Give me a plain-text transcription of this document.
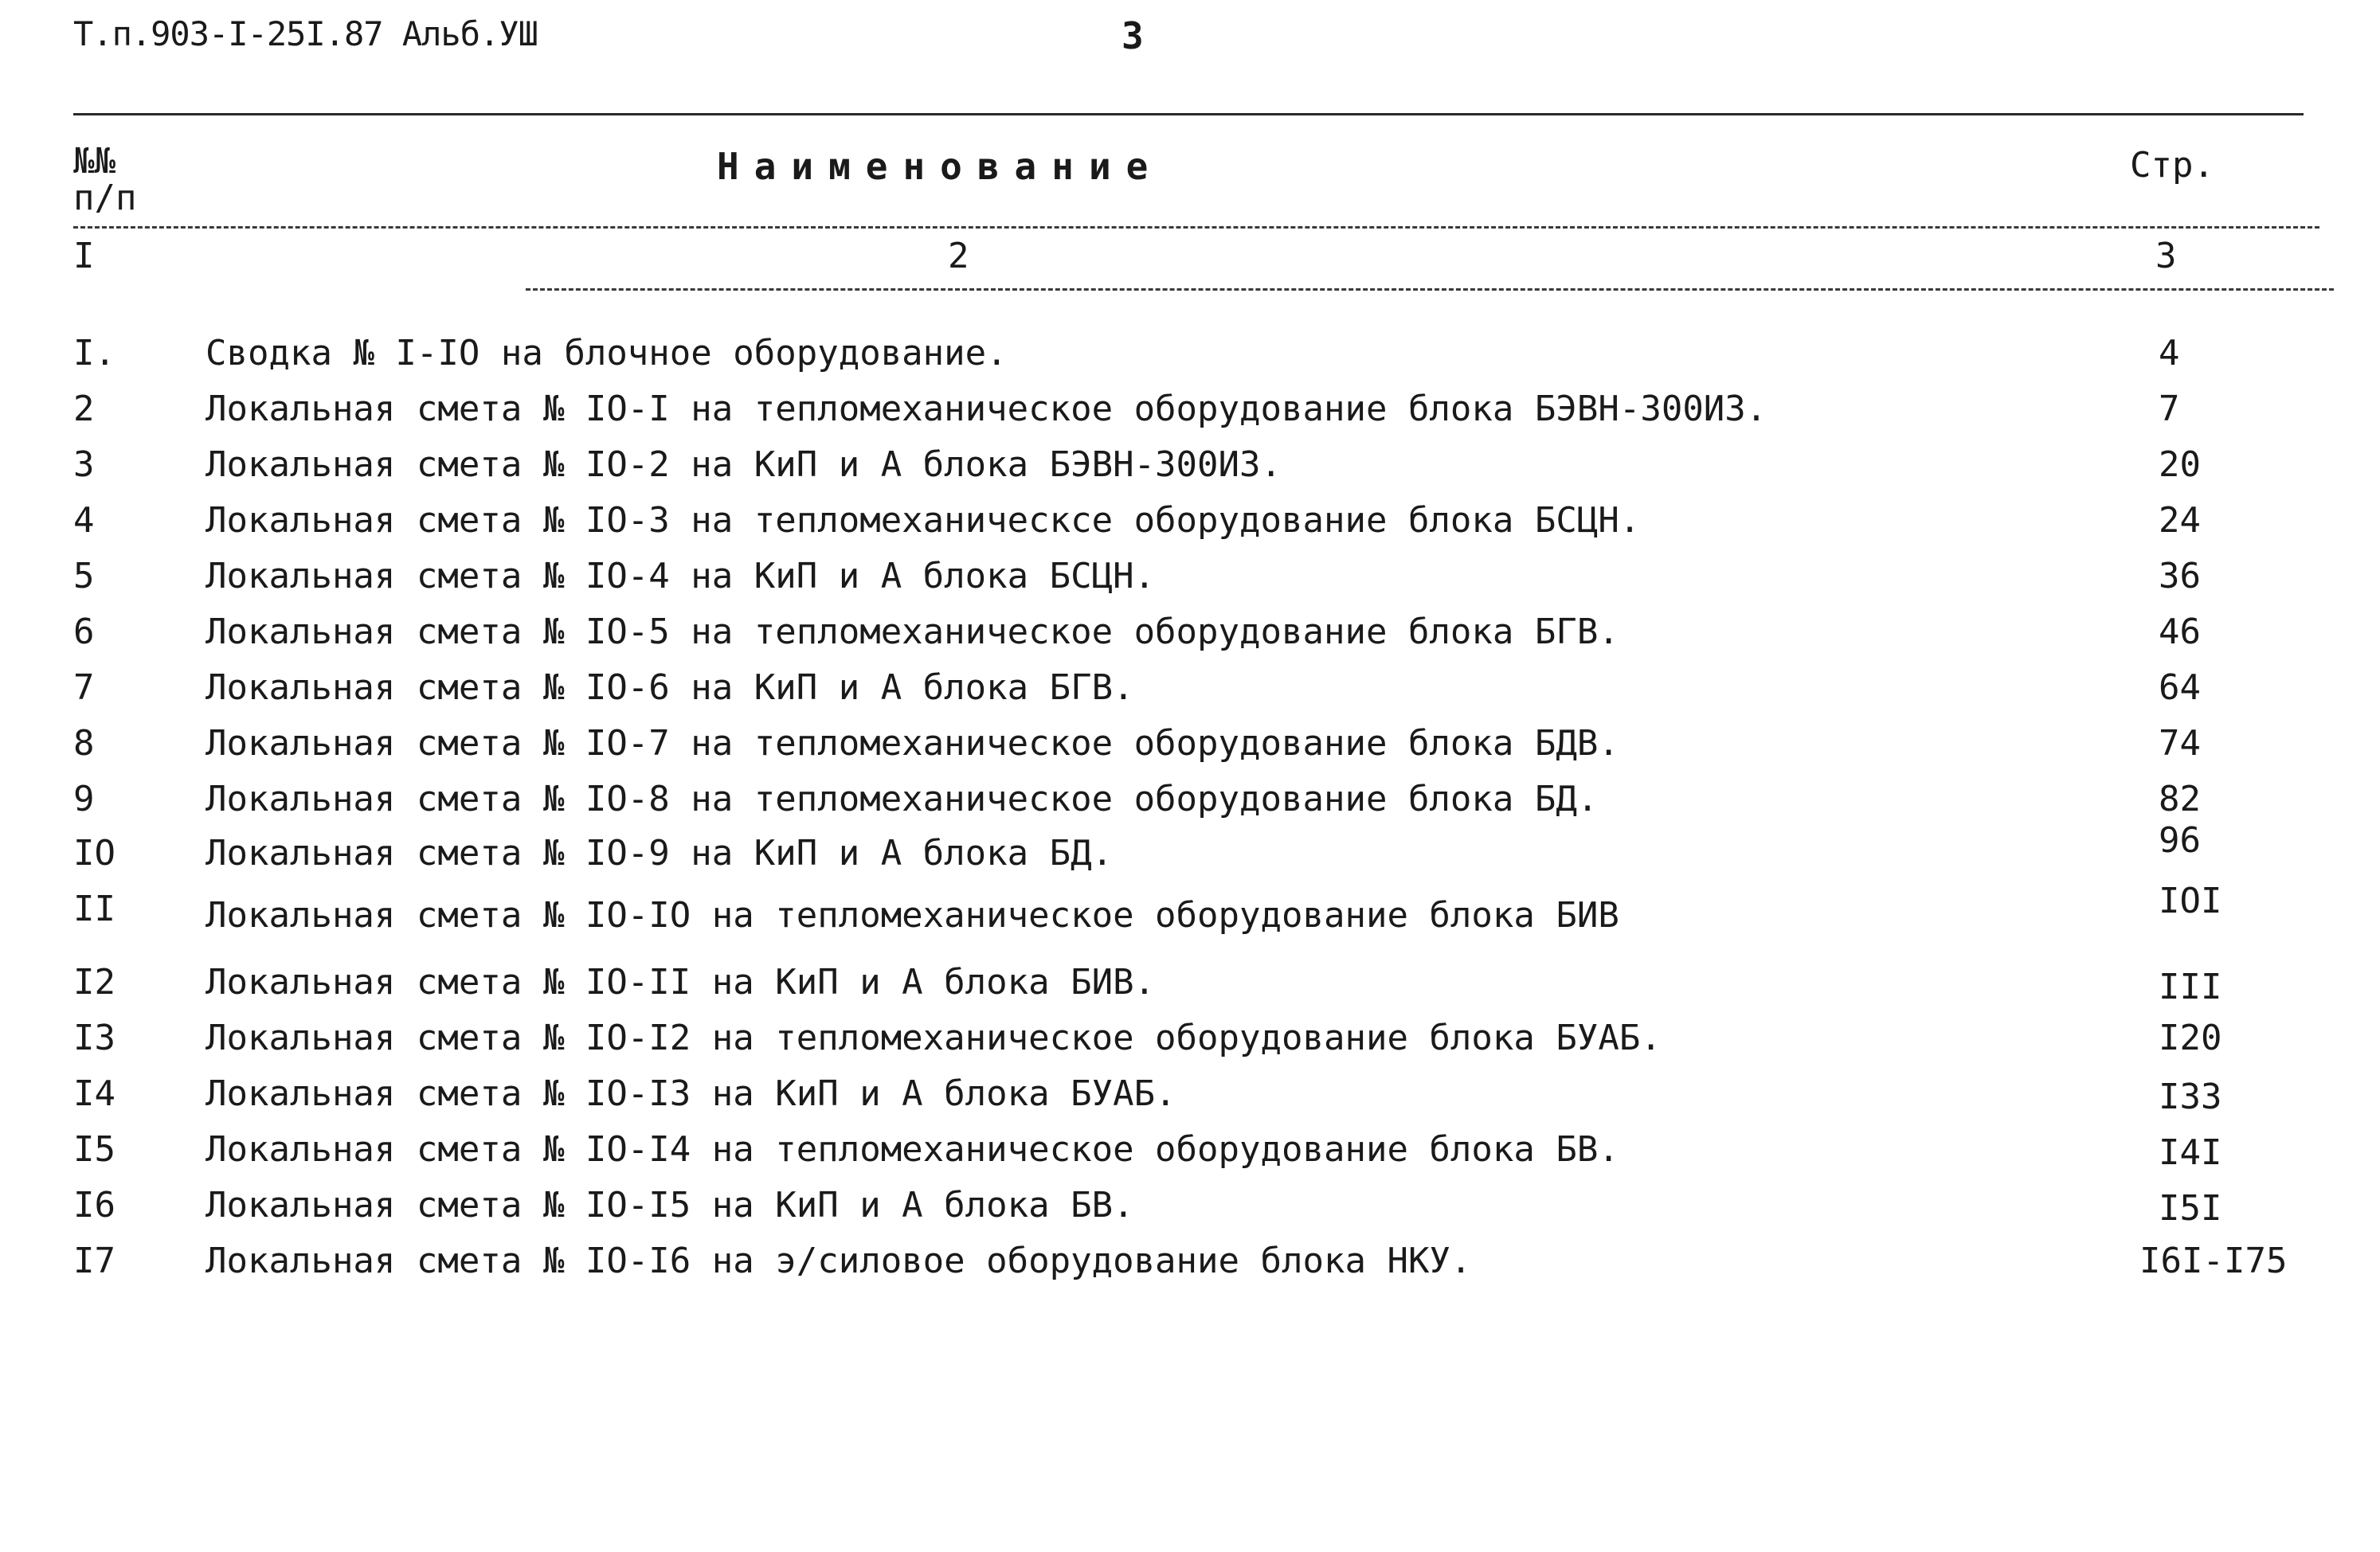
Т.п.903-I-25I.87 Альб.УШ	3
№№
п/п
Наименование	Стр.
I	2	3
I.	Сводка № I-IO на блочное оборудование.	4
2	Локальная смета № IO-I на тепломеханическое оборудование блока БЭВН-300ИЗ.	7
3	Локальная смета № IO-2 на КиП и А блока БЭВН-300ИЗ.	20
4	Локальная смета № IO-3 на тепломеханическсе оборудование блока БСЦН.	24
5	Локальная смета № IO-4 на КиП и А блока БСЦН.	36
6	Локальная смета № IO-5 на тепломеханическое оборудование блока БГВ.	46
7	Локальная смета № IO-6 на КиП и А блока БГВ.	64
8	Локальная смета № IO-7 на тепломеханическое оборудование блока БДВ.	74
9	Локальная смета № IO-8 на тепломеханическое оборудование блока БД.	82
IO	Локальная смета № IO-9 на КиП и А блока БД.	96
II	Локальная смета № IO-IO на тепломеханическое оборудование блока БИВ	IOI
I2	Локальная смета № IO-II на КиП и А блока БИВ.	III
I3	Локальная смета № IO-I2 на тепломеханическое оборудование блока БУАБ.	I20
I4	Локальная смета № IO-I3 на КиП и А блока БУАБ.	I33
I5	Локальная смета № IO-I4 на тепломеханическое оборудование блока БВ.	I4I
I6	Локальная смета № IO-I5 на КиП и А блока БВ.	I5I
I7	Локальная смета № IO-I6 на э/силовое оборудование блока НКУ.	I6I-I75
